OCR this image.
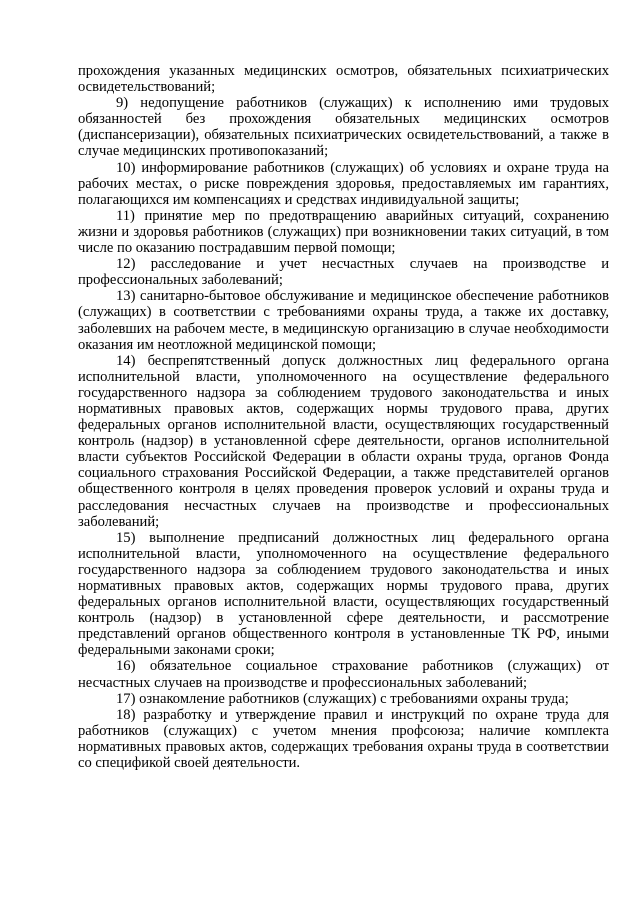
прохождения указанных медицинских осмотров, обязательных психиатрических освидетельствований;

9) недопущение работников (служащих) к исполнению ими трудовых обязанностей без прохождения обязательных медицинских осмотров (диспансеризации), обязательных психиатрических освидетельствований, а также в случае медицинских противопоказаний;

10) информирование работников (служащих) об условиях и охране труда на рабочих местах, о риске повреждения здоровья, предоставляемых им гарантиях, полагающихся им компенсациях и средствах индивидуальной защиты;

11) принятие мер по предотвращению аварийных ситуаций, сохранению жизни и здоровья работников (служащих) при возникновении таких ситуаций, в том числе по оказанию пострадавшим первой помощи;

12) расследование и учет несчастных случаев на производстве и профессиональных заболеваний;

13) санитарно-бытовое обслуживание и медицинское обеспечение работников (служащих) в соответствии с требованиями охраны труда, а также их доставку, заболевших на рабочем месте, в медицинскую организацию в случае необходимости оказания им неотложной медицинской помощи;

14) беспрепятственный допуск должностных лиц федерального органа исполнительной власти, уполномоченного на осуществление федерального государственного надзора за соблюдением трудового законодательства и иных нормативных правовых актов, содержащих нормы трудового права, других федеральных органов исполнительной власти, осуществляющих государственный контроль (надзор) в установленной сфере деятельности, органов исполнительной власти субъектов Российской Федерации в области охраны труда, органов Фонда социального страхования Российской Федерации, а также представителей органов общественного контроля в целях проведения проверок условий и охраны труда и расследования несчастных случаев на производстве и профессиональных заболеваний;

15) выполнение предписаний должностных лиц федерального органа исполнительной власти, уполномоченного на осуществление федерального государственного надзора за соблюдением трудового законодательства и иных нормативных правовых актов, содержащих нормы трудового права, других федеральных органов исполнительной власти, осуществляющих государственный контроль (надзор) в установленной сфере деятельности, и рассмотрение представлений органов общественного контроля в установленные ТК РФ, иными федеральными законами сроки;

16) обязательное социальное страхование работников (служащих) от несчастных случаев на производстве и профессиональных заболеваний;

17) ознакомление работников (служащих) с требованиями охраны труда;

18) разработку и утверждение правил и инструкций по охране труда для работников (служащих) с учетом мнения профсоюза; наличие комплекта нормативных правовых актов, содержащих требования охраны труда в соответствии со спецификой своей деятельности.
